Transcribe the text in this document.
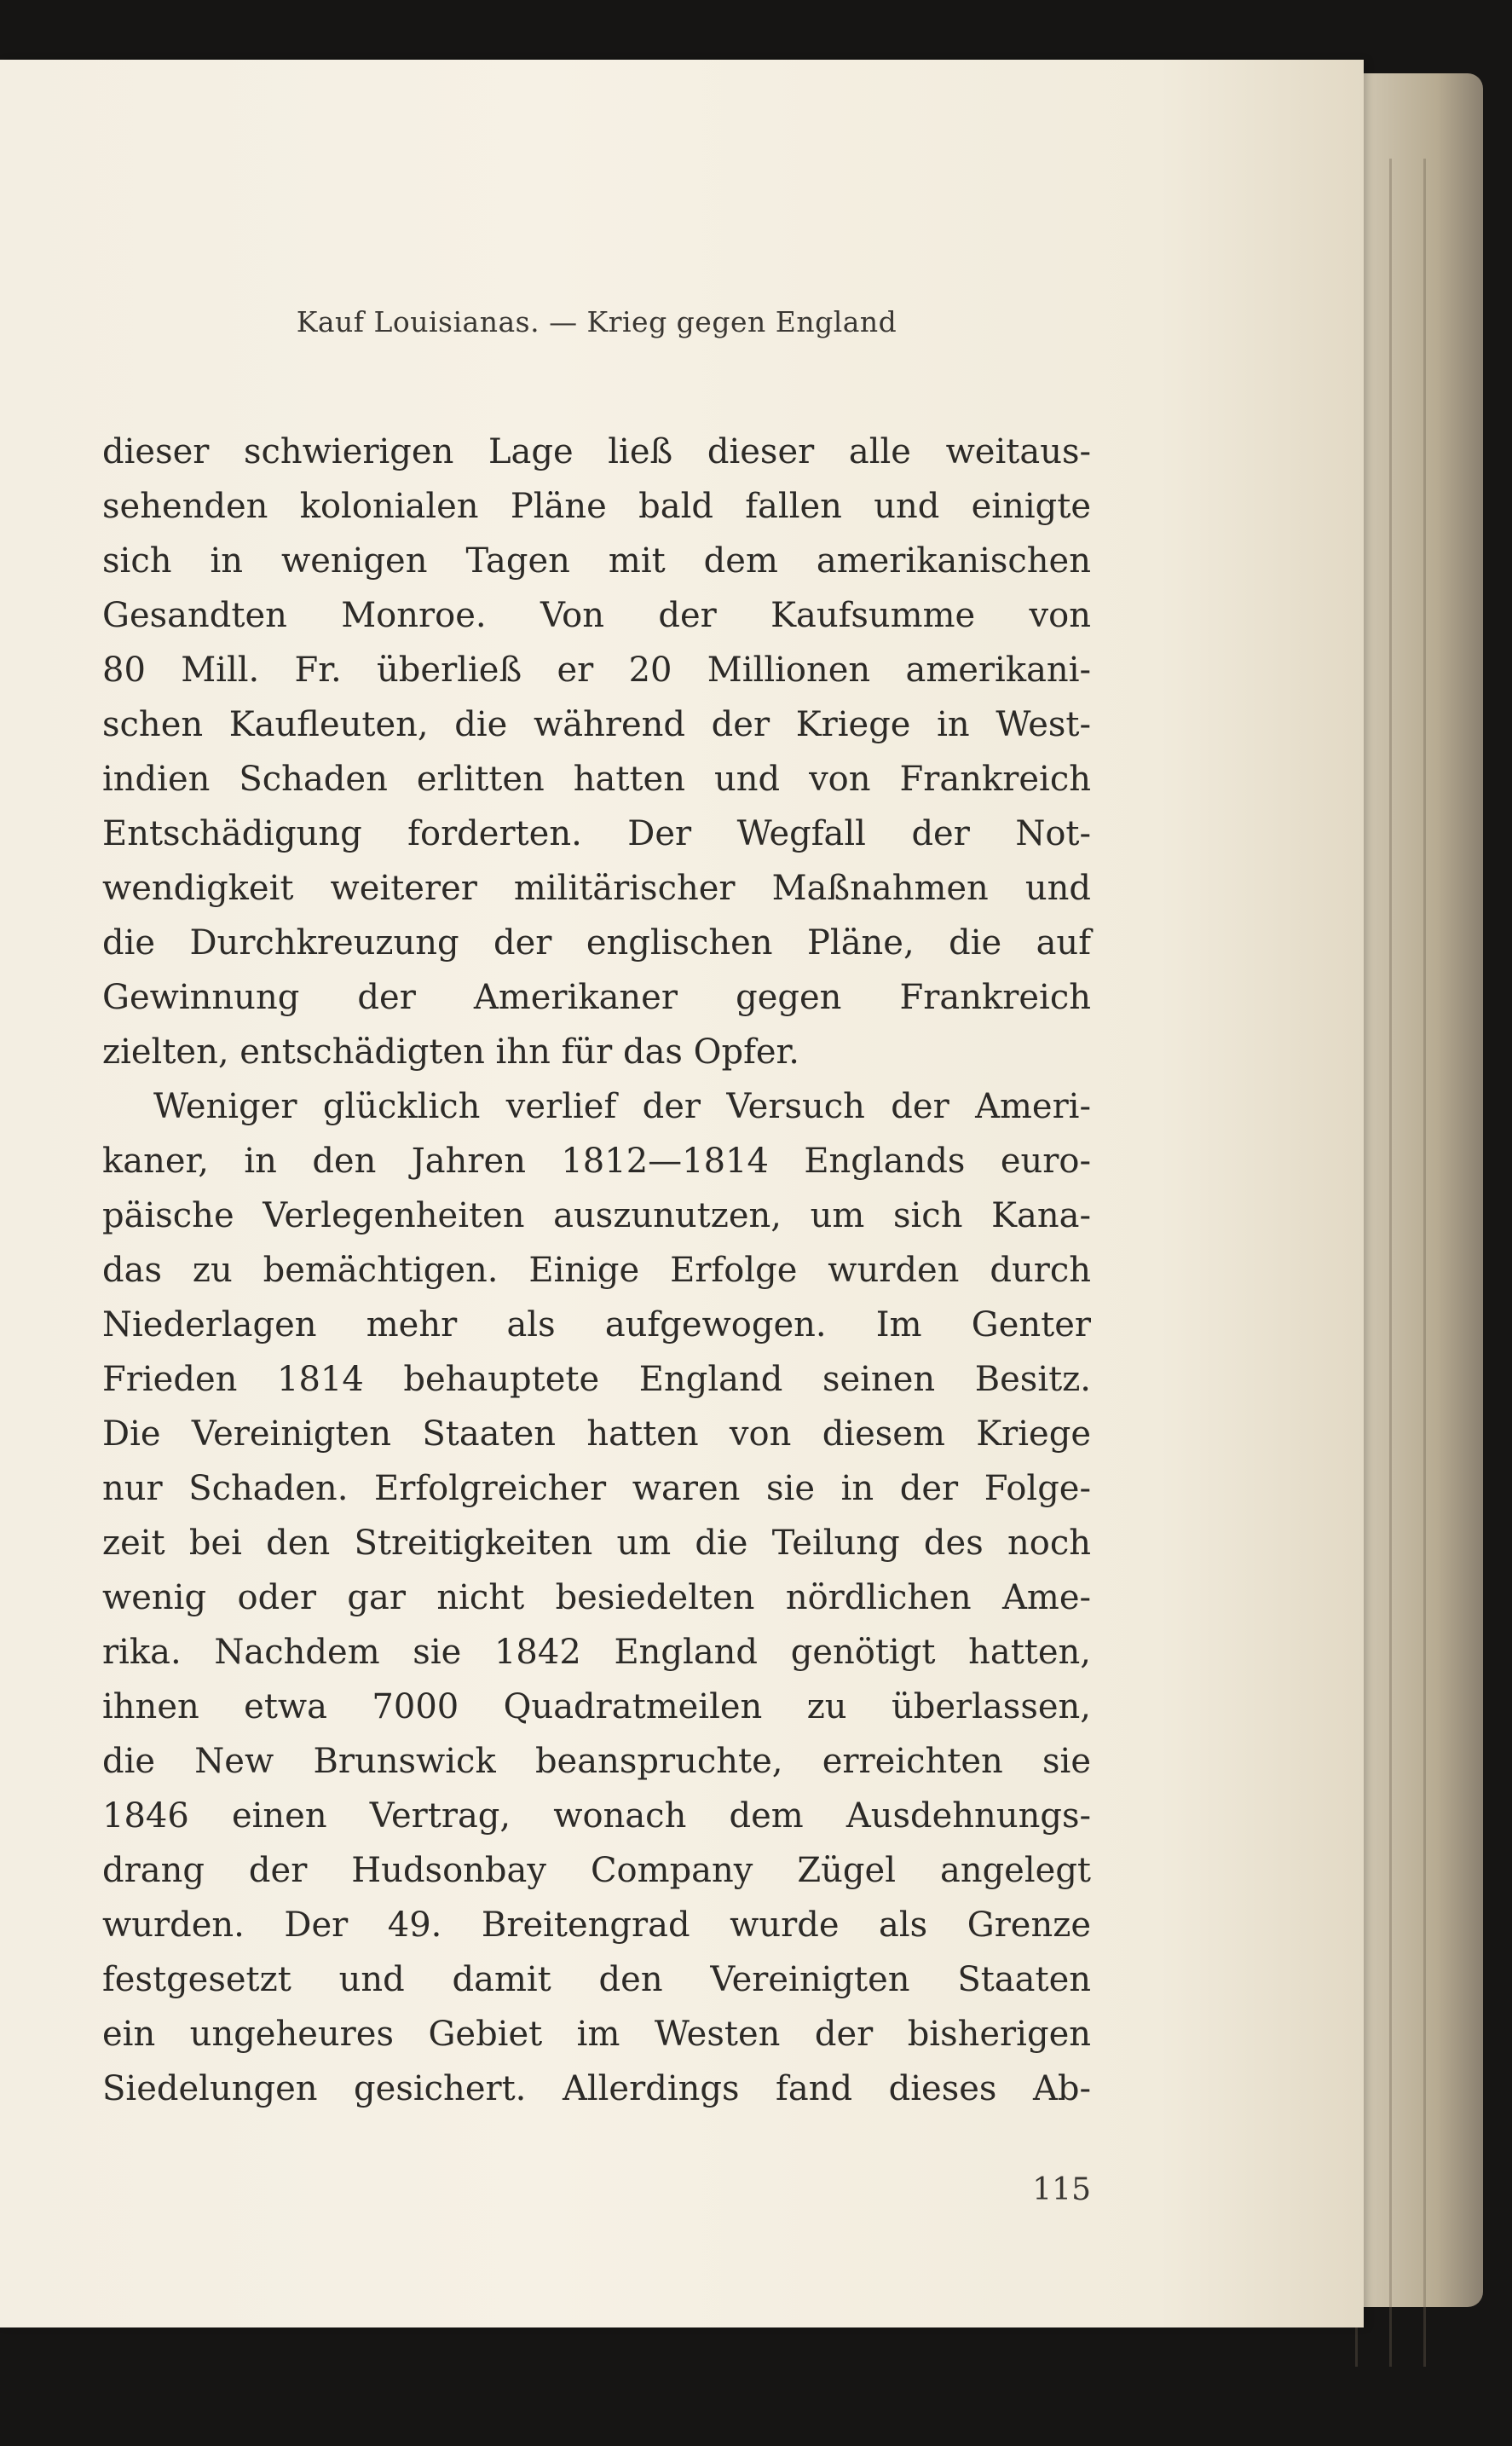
Kauf Louisianas. — Krieg gegen England
dieser schwierigen Lage ließ dieser alle weitaus-
sehenden kolonialen Pläne bald fallen und einigte
sich in wenigen Tagen mit dem amerikanischen
Gesandten Monroe. Von der Kaufsumme von
80 Mill. Fr. überließ er 20 Millionen amerikani-
schen Kaufleuten, die während der Kriege in West-
indien Schaden erlitten hatten und von Frankreich
Entschädigung forderten. Der Wegfall der Not-
wendigkeit weiterer militärischer Maßnahmen und
die Durchkreuzung der englischen Pläne, die auf
Gewinnung der Amerikaner gegen Frankreich
zielten, entschädigten ihn für das Opfer.
Weniger glücklich verlief der Versuch der Ameri-
kaner, in den Jahren 1812—1814 Englands euro-
päische Verlegenheiten auszunutzen, um sich Kana-
das zu bemächtigen. Einige Erfolge wurden durch
Niederlagen mehr als aufgewogen. Im Genter
Frieden 1814 behauptete England seinen Besitz.
Die Vereinigten Staaten hatten von diesem Kriege
nur Schaden. Erfolgreicher waren sie in der Folge-
zeit bei den Streitigkeiten um die Teilung des noch
wenig oder gar nicht besiedelten nördlichen Ame-
rika. Nachdem sie 1842 England genötigt hatten,
ihnen etwa 7000 Quadratmeilen zu überlassen,
die New Brunswick beanspruchte, erreichten sie
1846 einen Vertrag, wonach dem Ausdehnungs-
drang der Hudsonbay Company Zügel angelegt
wurden. Der 49. Breitengrad wurde als Grenze
festgesetzt und damit den Vereinigten Staaten
ein ungeheures Gebiet im Westen der bisherigen
Siedelungen gesichert. Allerdings fand dieses Ab-
115
